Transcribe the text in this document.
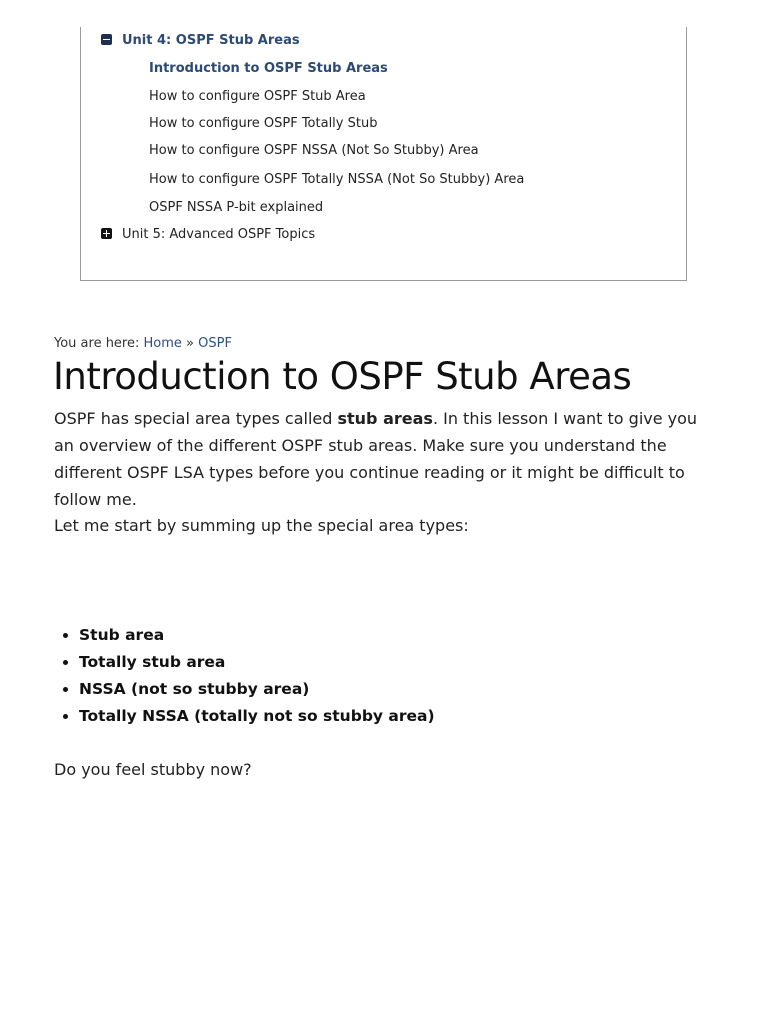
Unit 4: OSPF Stub Areas
Introduction to OSPF Stub Areas
How to configure OSPF Stub Area
How to configure OSPF Totally Stub
How to configure OSPF NSSA (Not So Stubby) Area
How to configure OSPF Totally NSSA (Not So Stubby) Area
OSPF NSSA P-bit explained
Unit 5: Advanced OSPF Topics
You are here: Home » OSPF
Introduction to OSPF Stub Areas

OSPF has special area types called stub areas. In this lesson I want to give you an overview of the different OSPF stub areas. Make sure you understand the different OSPF LSA types before you continue reading or it might be difficult to follow me.

Let me start by summing up the special area types:

• Stub area
• Totally stub area
• NSSA (not so stubby area)
• Totally NSSA (totally not so stubby area)

Do you feel stubby now?
